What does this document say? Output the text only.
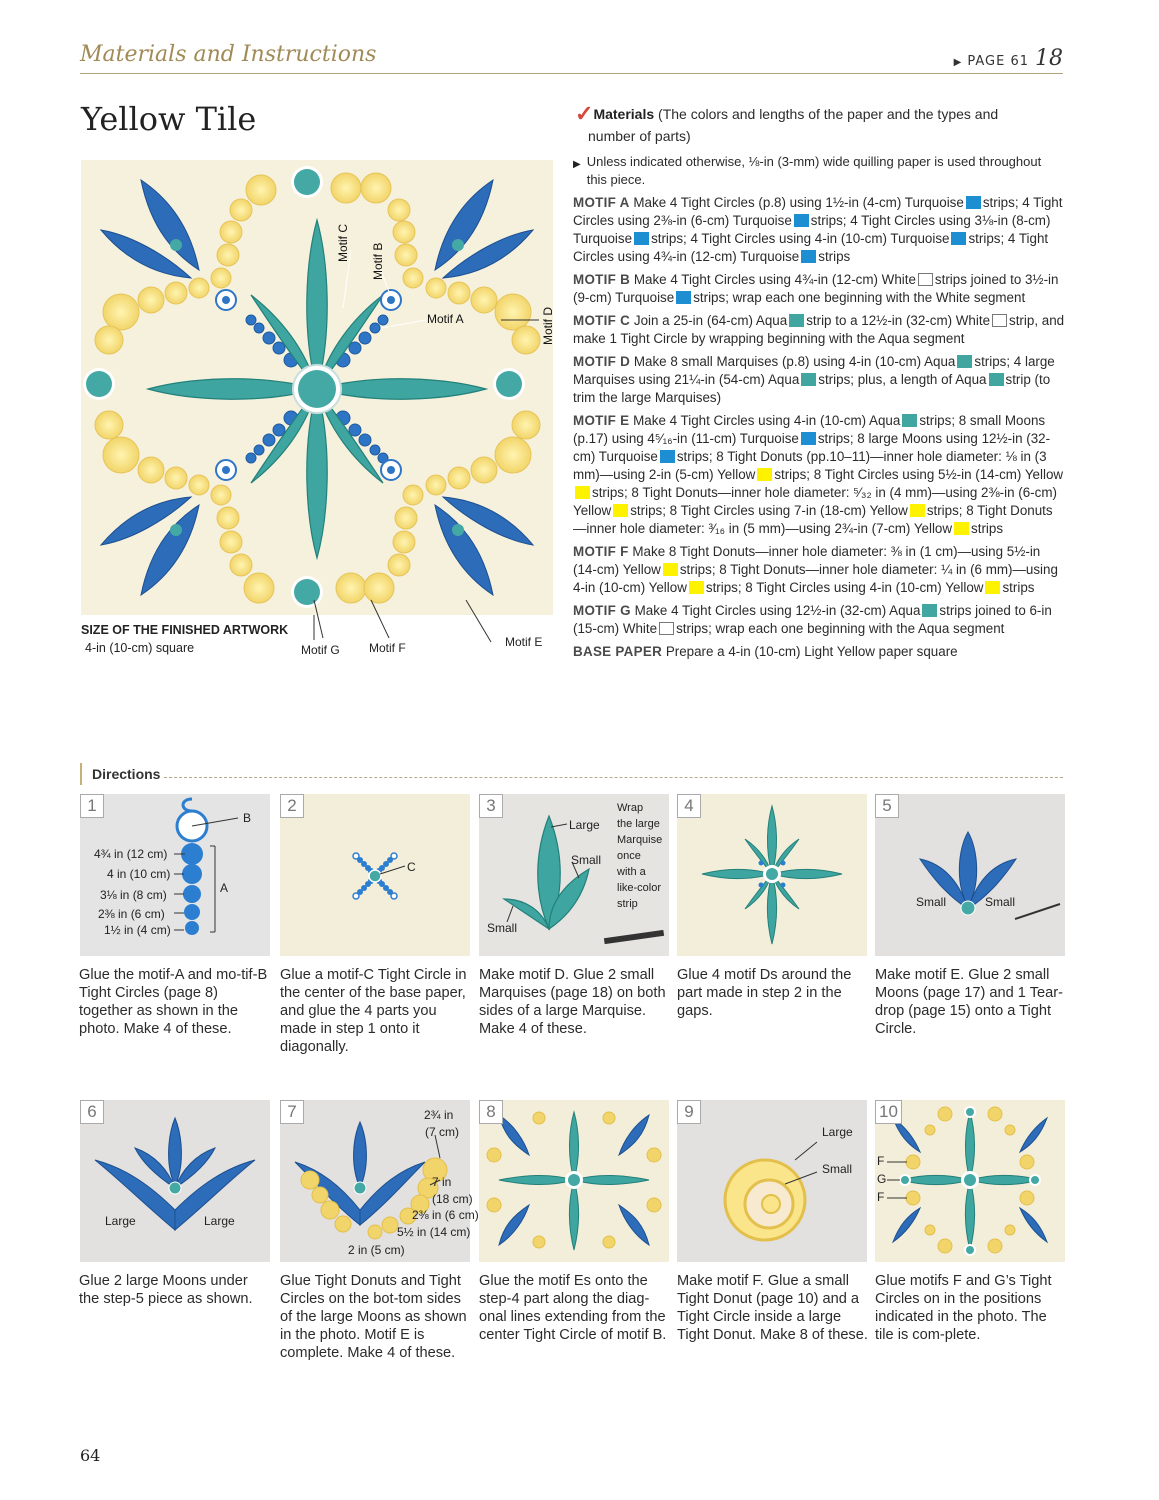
Materials and Instructions	▶ PAGE 61 18
Yellow Tile
Motif C Motif B
Motif A	Motif D
SIZE OF THE FINISHED ARTWORK
4-in (10-cm) square	Motif G Motif F	Motif E
✓Materials (The colors and lengths of the paper and the types and
number of parts)
▶ Unless indicated otherwise, ⅛-in (3-mm) wide quilling paper is used throughout this piece.
MOTIF A Make 4 Tight Circles (p.8) using 1½-in (4-cm) Turquoise strips; 4 Tight Circles using 2⅜-in (6-cm) Turquoise strips; 4 Tight Circles using 3⅛-in (8-cm) Turquoise strips; 4 Tight Circles using 4-in (10-cm) Turquoise strips; 4 Tight Circles using 4¾-in (12-cm) Turquoise strips
MOTIF B Make 4 Tight Circles using 4¾-in (12-cm) White strips joined to 3½-in (9-cm) Turquoise strips; wrap each one beginning with the White segment
MOTIF C Join a 25-in (64-cm) Aqua strip to a 12½-in (32-cm) White strip, and make 1 Tight Circle by wrapping beginning with the Aqua segment
MOTIF D Make 8 small Marquises (p.8) using 4-in (10-cm) Aqua strips; 4 large Marquises using 21¼-in (54-cm) Aqua strips; plus, a length of Aqua strip (to trim the large Marquises)
MOTIF E Make 4 Tight Circles using 4-in (10-cm) Aqua strips; 8 small Moons (p.17) using 4⁵⁄₁₆-in (11-cm) Turquoise strips; 8 large Moons using 12½-in (32-cm) Turquoise strips; 8 Tight Donuts (pp.10–11)—inner hole diameter: ⅛ in (3 mm)—using 2-in (5-cm) Yellow strips; 8 Tight Circles using 5½-in (14-cm) Yellowstrips; 8 Tight Donuts—inner hole diameter: ⁵⁄₃₂ in (4 mm)—using 2⅜-in (6-cm) Yellow strips; 8 Tight Circles using 7-in (18-cm) Yellow strips; 8 Tight Donuts—inner hole diameter: ³⁄₁₆ in (5 mm)—using 2¾-in (7-cm) Yellow strips
MOTIF F Make 8 Tight Donuts—inner hole diameter: ⅜ in (1 cm)—using 5½-in (14-cm) Yellow strips; 8 Tight Donuts—inner hole diameter: ¼ in (6 mm)—using 4-in (10-cm) Yellow strips; 8 Tight Circles using 4-in (10-cm) Yellow strips
MOTIF G Make 4 Tight Circles using 12½-in (32-cm) Aqua strips joined to 6-in (15-cm) White strips; wrap each one beginning with the Aqua segment
BASE PAPER Prepare a 4-in (10-cm) Light Yellow paper square
Directions
1
B
A
4¾ in (12 cm)
4 in (10 cm)
3⅛ in (8 cm)
2⅜ in (6 cm)
1½ in (4 cm)
Glue the motif-A and mo-tif-B Tight Circles (page 8) together as shown in the photo. Make 4 of these.
2
C
Glue a motif-C Tight Circle in the center of the base paper, and glue the 4 parts you made in step 1 onto it diagonally.
3
Large
Small
Small
Wrap
the large
Marquise
once
with a
like-color
strip
Make motif D. Glue 2 small Marquises (page 18) on both sides of a large Marquise. Make 4 of these.
4
Glue 4 motif Ds around the part made in step 2 in the gaps.
5
Small	Small
Make motif E. Glue 2 small Moons (page 17) and 1 Tear-drop (page 15) onto a Tight Circle.
6
Large	Large
Glue 2 large Moons under the step-5 piece as shown.
7	2¾ in
(7 cm)
7 in
(18 cm)
2⅜ in (6 cm)
5½ in (14 cm)
2 in (5 cm)
Glue Tight Donuts and Tight Circles on the bot-tom sides of the large Moons as shown in the photo. Motif E is complete. Make 4 of these.
8
Glue the motif Es onto the step-4 part along the diag-onal lines extending from the center Tight Circle of motif B.
9
Large
Small
Make motif F. Glue a small Tight Donut (page 10) and a Tight Circle inside a large Tight Donut. Make 8 of these.
10
F
G
F
Glue motifs F and G’s Tight Circles on in the positions indicated in the photo. The tile is com-plete.
64
